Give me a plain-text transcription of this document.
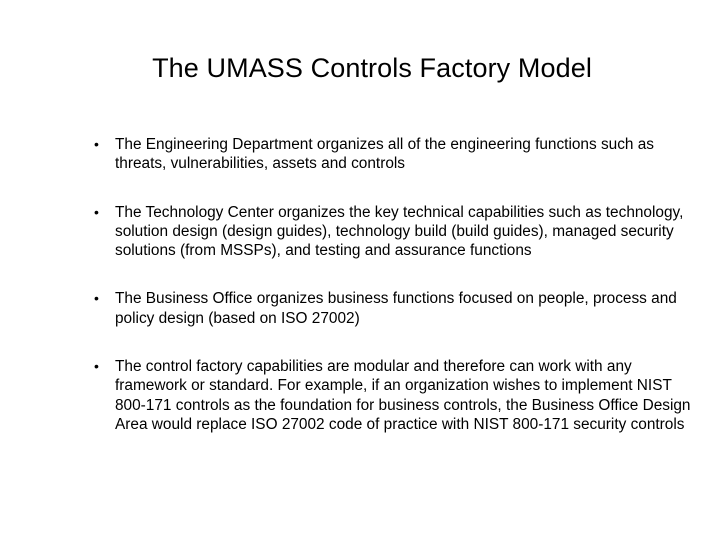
The UMASS Controls Factory Model
• The Engineering Department organizes all of the engineering functions such as threats, vulnerabilities, assets and controls
• The Technology Center organizes the key technical capabilities such as technology, solution design (design guides), technology build (build guides), managed security solutions (from MSSPs), and testing and assurance functions
• The Business Office organizes business functions focused on people, process and policy design (based on ISO 27002)
• The control factory capabilities are modular and therefore can work with any framework or standard. For example, if an organization wishes to implement NIST 800-171 controls as the foundation for business controls, the Business Office Design Area would replace ISO 27002 code of practice with NIST 800-171 security controls
